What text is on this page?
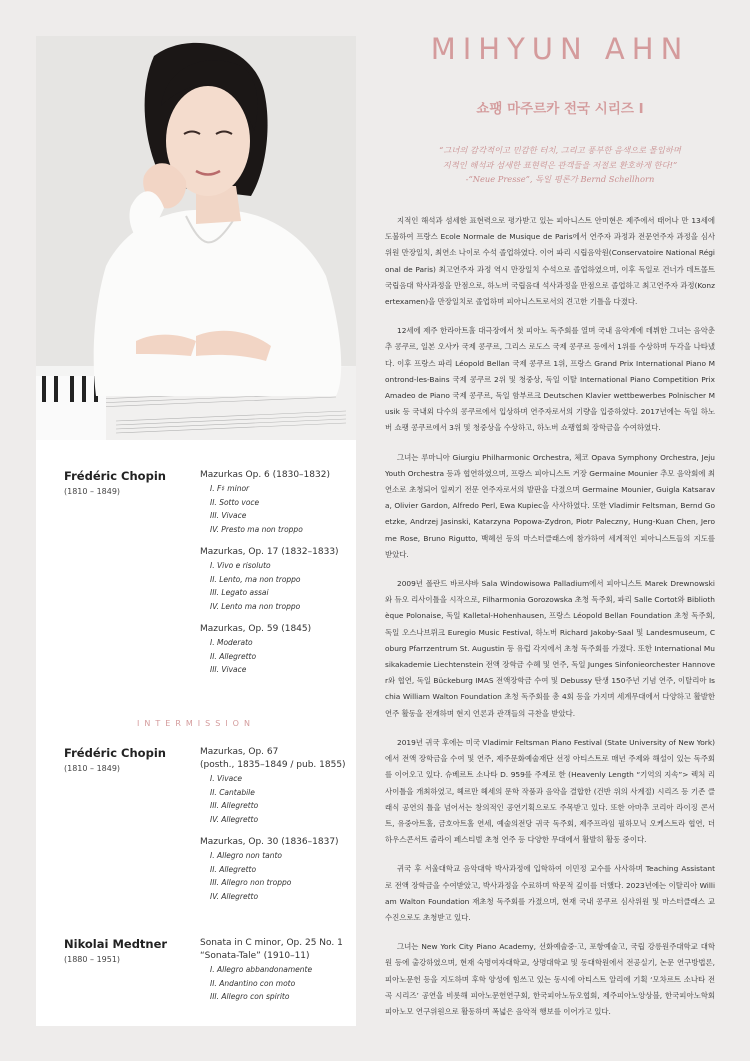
Frédéric Chopin
(1810 – 1849)
Mazurkas Op. 6 (1830–1832)
I. F♯ minor
II. Sotto voce
III. Vivace
IV. Presto ma non troppo
Mazurkas, Op. 17 (1832–1833)
I. Vivo e risoluto
II. Lento, ma non troppo
III. Legato assai
IV. Lento ma non troppo
Mazurkas, Op. 59 (1845)
I. Moderato
II. Allegretto
III. Vivace
INTERMISSION
Frédéric Chopin
(1810 – 1849)
Mazurkas, Op. 67
(posth., 1835–1849 / pub. 1855)
I. Vivace
II. Cantabile
III. Allegretto
IV. Allegretto
Mazurkas, Op. 30 (1836–1837)
I. Allegro non tanto
II. Allegretto
III. Allegro non troppo
IV. Allegretto
Nikolai Medtner
(1880 – 1951)
Sonata in C minor, Op. 25 No. 1
“Sonata-Tale” (1910–11)
I. Allegro abbandonamente
II. Andantino con moto
III. Allegro con spirito
MIHYUN AHN
쇼팽 마주르카 전국 시리즈 I
“그녀의 감각적이고 민감한 터치, 그리고 풍부한 음색으로 몰입하며
지적인 해석과 섬세한 표현력은 관객들을 저절로 환호하게 한다!”
-“Neue Presse”, 독일 평론가 Bernd Schellhorn

지적인 해석과 섬세한 표현력으로 평가받고 있는 피아니스트 안미현은 제주에서 태어나 만 13세에 도불하여 프랑스 Ecole Normale de Musique de Paris에서 연주자 과정과 전문연주자 과정을 심사위원 만장일치, 최연소 나이로 수석 졸업하였다. 이어 파리 시립음악원(Conservatoire National Régional de Paris) 최고연주자 과정 역시 만장일치 수석으로 졸업하였으며, 이후 독일로 건너가 데트몰트 국립음대 학사과정을 만점으로, 하노버 국립음대 석사과정을 만점으로 졸업하고 최고연주자 과정(Konzertexamen)을 만장일치로 졸업하며 피아니스트로서의 견고한 기틀을 다졌다.

12세에 제주 한라아트홀 대극장에서 첫 피아노 독주회를 열며 국내 음악계에 데뷔한 그녀는 음악춘추 콩쿠르, 일본 오사카 국제 콩쿠르, 그리스 로도스 국제 콩쿠르 등에서 1위를 수상하며 두각을 나타냈다. 이후 프랑스 파리 Léopold Bellan 국제 콩쿠르 1위, 프랑스 Grand Prix International Piano Montrond-les-Bains 국제 콩쿠르 2위 및 청중상, 독일 이탈 International Piano Competition Prix Amadeo de Piano 국제 콩쿠르, 독일 함부르크 Deutschen Klavier wettbewerbes Polnischer Musik 등 국내외 다수의 콩쿠르에서 입상하며 연주자로서의 기량을 입증하였다. 2017년에는 독일 하노버 쇼팽 콩쿠르에서 3위 및 청중상을 수상하고, 하노버 쇼팽협회 장학금을 수여하였다.

그녀는 루마니아 Giurgiu Philharmonic Orchestra, 체코 Opava Symphony Orchestra, Jeju Youth Orchestra 등과 협연하였으며, 프랑스 피아니스트 거장 Germaine Mounier 추모 음악회에 최연소로 초청되어 일찌기 전문 연주자로서의 발판을 다졌으며 Germaine Mounier, Guigla Katsarava, Olivier Gardon, Alfredo Perl, Ewa Kupiec을 사사하였다. 또한 Vladimir Feltsman, Bernd Goetzke, Andrzej Jasinski, Katarzyna Popowa-Zydron, Piotr Paleczny, Hung-Kuan Chen, Jerome Rose, Bruno Rigutto, 백혜선 등의 마스터클래스에 참가하여 세계적인 피아니스트들의 지도를 받았다.

2009년 폴란드 바르샤바 Sala Windowisowa Palladium에서 피아니스트 Marek Drewnowski와 듀오 리사이틀을 시작으로, Filharmonia Gorozowska 초청 독주회, 파리 Salle Cortot와 Bibliothèque Polonaise, 독일 Kalletal-Hohenhausen, 프랑스 Léopold Bellan Foundation 초청 독주회, 독일 오스나브뤼크 Euregio Music Festival, 하노버 Richard Jakoby-Saal 및 Landesmuseum, Coburg Pfarrzentrum St. Augustin 등 유럽 각지에서 초청 독주회를 가졌다. 또한 International Musikakademie Liechtenstein 전액 장학금 수혜 및 연주, 독일 Junges Sinfonieorchester Hannover와 협연, 독일 Bückeburg IMAS 전액장학금 수여 및 Debussy 탄생 150주년 기념 연주, 이탈리아 Ischia William Walton Foundation 초청 독주회를 총 4회 등을 가지며 세계무대에서 다양하고 활발한 연주 활동을 전개하며 현지 언론과 관객들의 극찬을 받았다.

2019년 귀국 후에는 미국 Vladimir Feltsman Piano Festival (State University of New York)에서 전액 장학금을 수여 및 연주, 제주문화예술재단 선정 아티스트로 매년 주제와 해설이 있는 독주회를 이어오고 있다. 슈베르트 소나타 D. 959를 주제로 한 (Heavenly Length “기억의 지속”> 렉처 리사이틀을 개최하였고, 헤르만 헤세의 문학 작품과 음악을 결합한 (건반 위의 사계절) 시리즈 등 기존 클래식 공연의 틀을 넘어서는 창의적인 공연기획으로도 주목받고 있다. 또한 아마추 코리아 라이징 콘서트, 유중아트홀, 금호아트홀 연세, 예술의전당 귀국 독주회, 제주프라임 필하모닉 오케스트라 협연, 더하우스콘서트 줄라이 페스티벌 초청 연주 등 다양한 무대에서 활발히 활동 중이다.

귀국 후 서울대학교 음악대학 박사과정에 입학하여 이민정 교수를 사사하며 Teaching Assistant로 전액 장학금을 수여받았고, 박사과정을 수료하며 학문적 깊이를 더했다. 2023년에는 이탈리아 William Walton Foundation 재초청 독주회를 가졌으며, 현재 국내 콩쿠르 심사위원 및 마스터클래스 교수진으로도 초청받고 있다.

그녀는 New York City Piano Academy, 선화예술중·고, 포항예술고, 국립 강릉원주대학교 대학원 등에 출강하였으며, 현재 숙명여자대학교, 상명대학교 및 동대학원에서 전공실기, 논문 연구방법론, 피아노문헌 등을 지도하며 후학 양성에 힘쓰고 있는 동시에 아티스트 알리에 기획 ‘모차르트 소나타 전곡 시리즈’ 공연을 비롯해 피아노문헌연구회, 한국피아노듀오협회, 제주피아노앙상블, 한국피아노학회 피아노모 연구위원으로 활동하며 폭넓은 음악적 행보를 이어가고 있다.
